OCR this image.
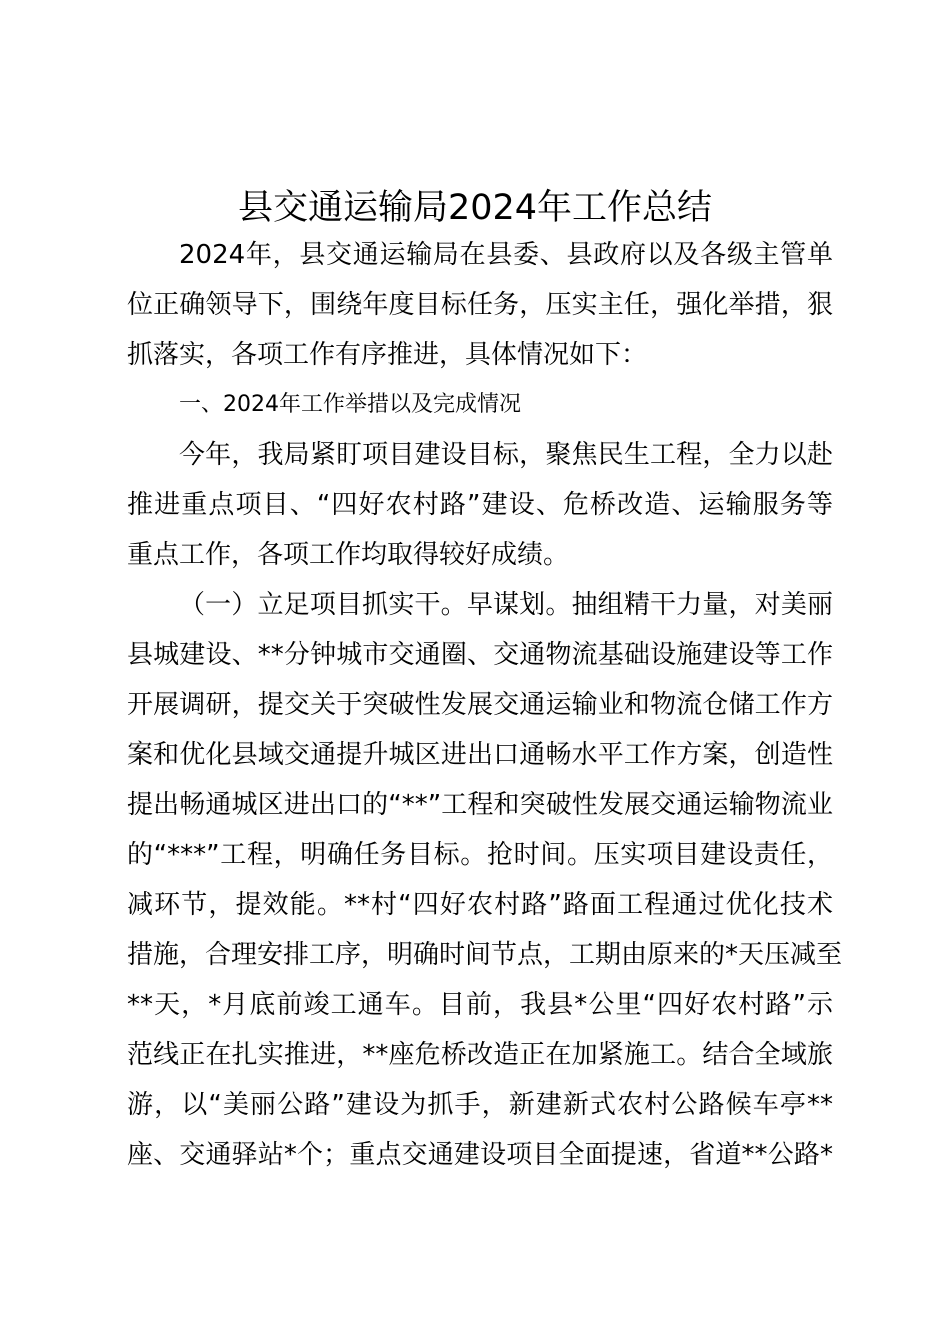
县交通运输局2024年工作总结
2024年，县交通运输局在县委、县政府以及各级主管单
位正确领导下，围绕年度目标任务，压实主任，强化举措，狠
抓落实，各项工作有序推进，具体情况如下：
一、2024年工作举措以及完成情况
今年，我局紧盯项目建设目标，聚焦民生工程，全力以赴
推进重点项目、“四好农村路”建设、危桥改造、运输服务等
重点工作，各项工作均取得较好成绩。
（一）立足项目抓实干。早谋划。抽组精干力量，对美丽
县城建设、**分钟城市交通圈、交通物流基础设施建设等工作
开展调研，提交关于突破性发展交通运输业和物流仓储工作方
案和优化县域交通提升城区进出口通畅水平工作方案，创造性
提出畅通城区进出口的“**”工程和突破性发展交通运输物流业
的“***”工程，明确任务目标。抢时间。压实项目建设责任，
减环节，提效能。**村“四好农村路”路面工程通过优化技术
措施，合理安排工序，明确时间节点，工期由原来的*天压减至
**天，*月底前竣工通车。目前，我县*公里“四好农村路”示
范线正在扎实推进，**座危桥改造正在加紧施工。结合全域旅
游，以“美丽公路”建设为抓手，新建新式农村公路候车亭**
座、交通驿站*个；重点交通建设项目全面提速，省道**公路*
